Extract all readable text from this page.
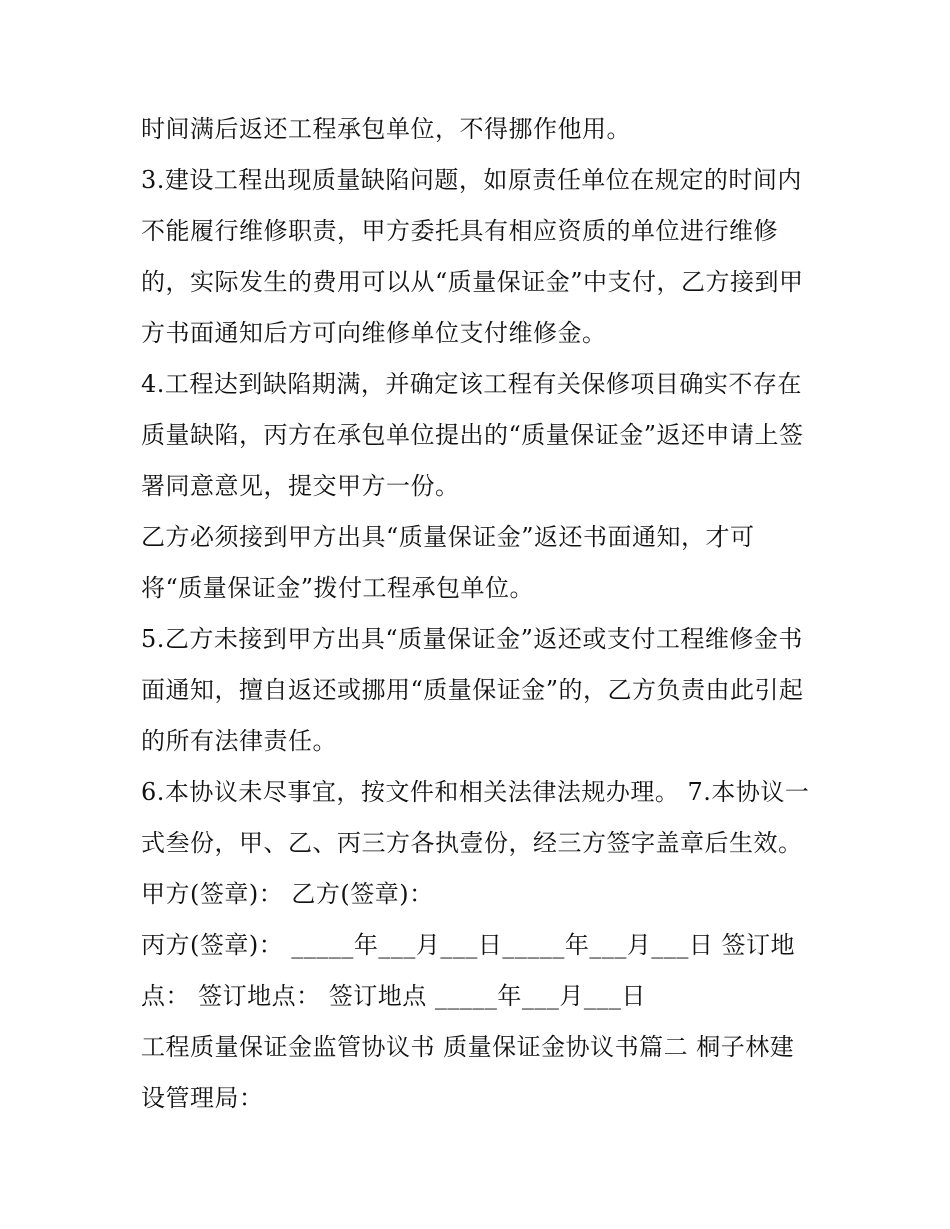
时间满后返还工程承包单位，不得挪作他用。
3.建设工程出现质量缺陷问题，如原责任单位在规定的时间内
不能履行维修职责，甲方委托具有相应资质的单位进行维修
的，实际发生的费用可以从“质量保证金”中支付，乙方接到甲
方书面通知后方可向维修单位支付维修金。
4.工程达到缺陷期满，并确定该工程有关保修项目确实不存在
质量缺陷，丙方在承包单位提出的“质量保证金”返还申请上签
署同意意见，提交甲方一份。
乙方必须接到甲方出具“质量保证金”返还书面通知，才可
将“质量保证金”拨付工程承包单位。
5.乙方未接到甲方出具“质量保证金”返还或支付工程维修金书
面通知，擅自返还或挪用“质量保证金”的，乙方负责由此引起
的所有法律责任。
6.本协议未尽事宜，按文件和相关法律法规办理。 7.本协议一
式叁份，甲、乙、丙三方各执壹份，经三方签字盖章后生效。
甲方(签章)： 乙方(签章)：
丙方(签章)： _____年___月___日_____年___月___日 签订地
点： 签订地点： 签订地点 _____年___月___日
工程质量保证金监管协议书 质量保证金协议书篇二 桐子林建
设管理局：
